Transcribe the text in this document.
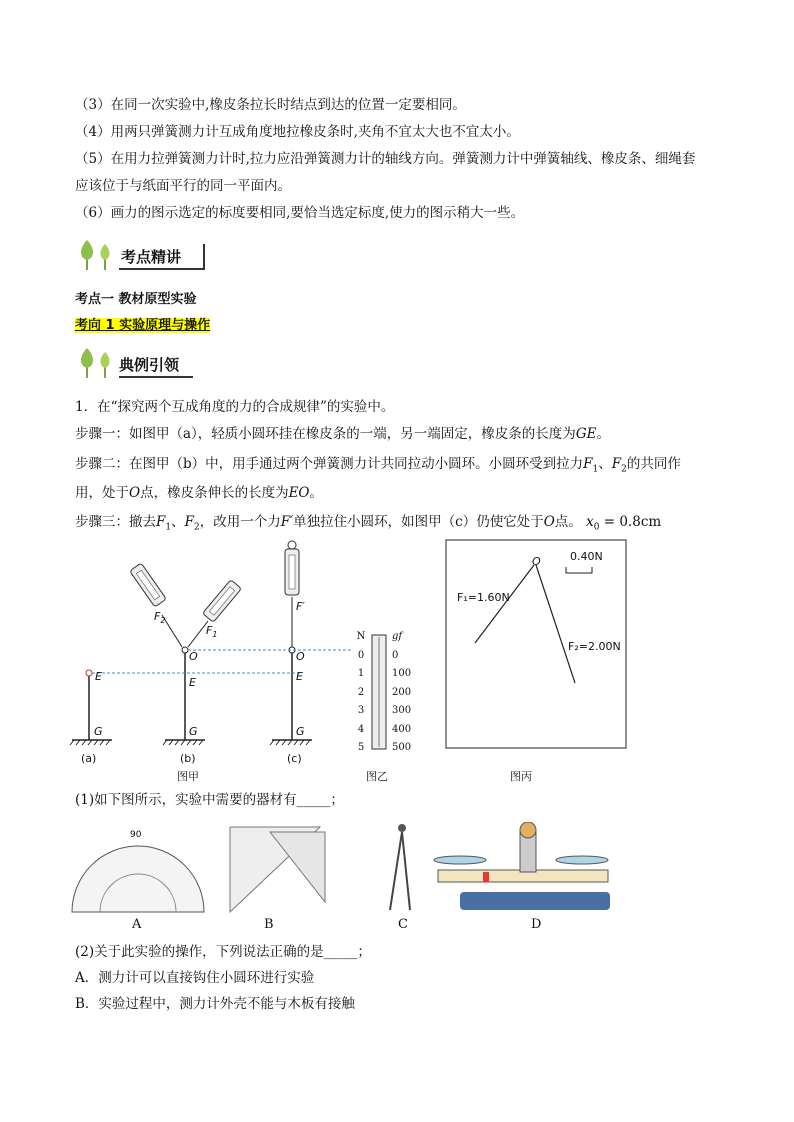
（3）在同一次实验中,橡皮条拉长时结点到达的位置一定要相同。
（4）用两只弹簧测力计互成角度地拉橡皮条时,夹角不宜太大也不宜太小。
（5）在用力拉弹簧测力计时,拉力应沿弹簧测力计的轴线方向。弹簧测力计中弹簧轴线、橡皮条、细绳套
应该位于与纸面平行的同一平面内。
（6）画力的图示选定的标度要相同,要恰当选定标度,使力的图示稍大一些。
考点精讲
考点一 教材原型实验
考向 1 实验原理与操作
典例引领
1．在“探究两个互成角度的力的合成规律”的实验中。
步骤一：如图甲（a），轻质小圆环挂在橡皮条的一端，另一端固定，橡皮条的长度为GE。
步骤二：在图甲（b）中，用手通过两个弹簧测力计共同拉动小圆环。小圆环受到拉力$F_1$、$F_2$的共同作
用，处于O点，橡皮条伸长的长度为EO。
步骤三：撤去$F_1$、$F_2$，改用一个力F′单独拉住小圆环，如图甲（c）仍使它处于O点。 $x_0 = 0.8cm$
E
G
O
E
G
O
E
G
$F_2$
$F_1$
F′
(a)	(b)	(c)
图甲	图乙	图丙
N
0
1
2
3
4
5
gf
0
100
200
300
400
500
0.40N
F₁=1.60N
F₂=2.00N
O
(1)如下图所示，实验中需要的器材有_____；
90
A	B	C	D
(2)关于此实验的操作，下列说法正确的是_____；
A．测力计可以直接钩住小圆环进行实验
B．实验过程中，测力计外壳不能与木板有接触
